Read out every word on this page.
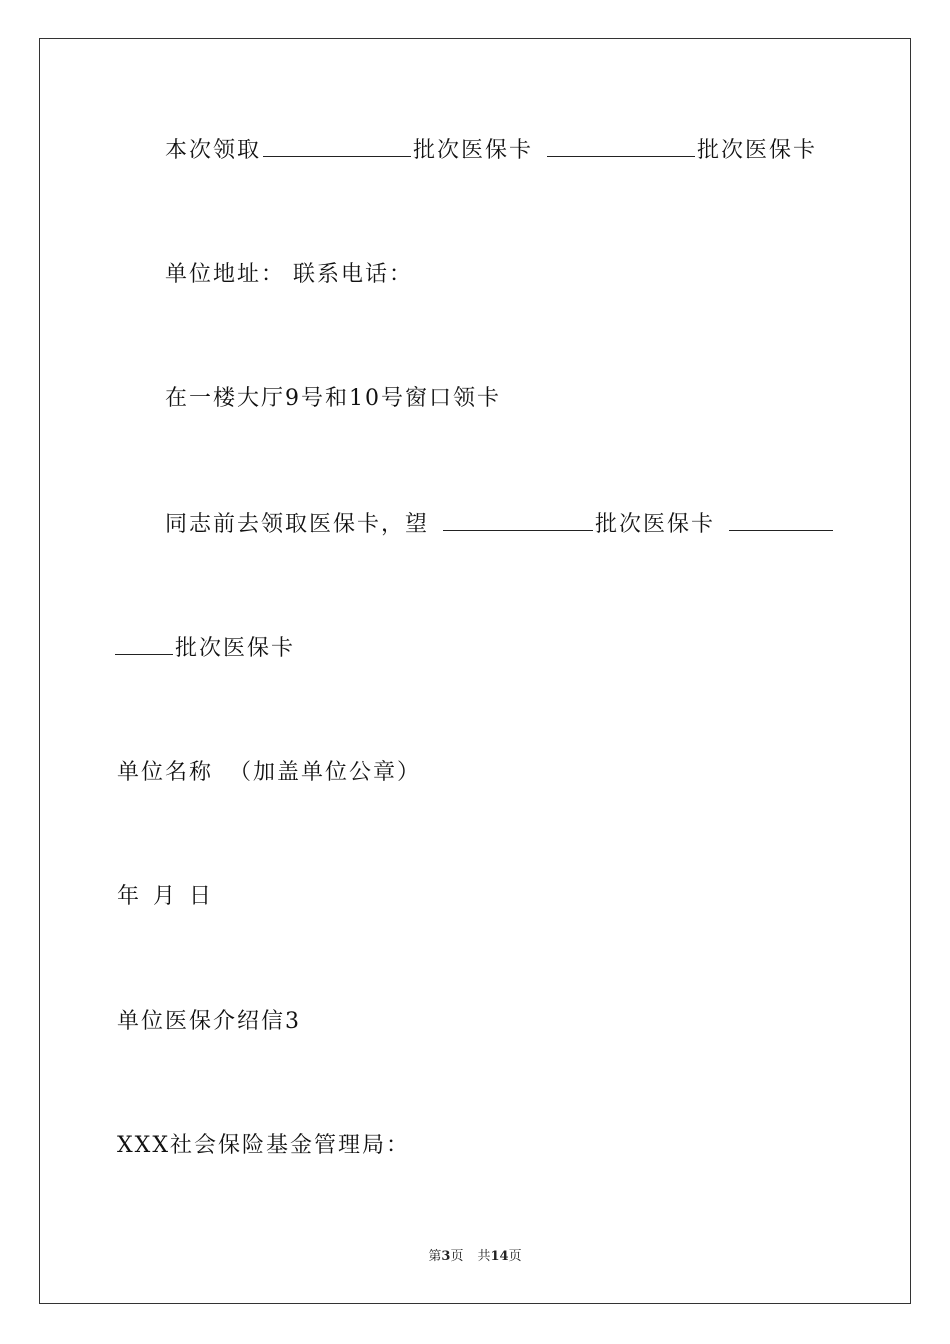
本次领取	批次医保卡	批次医保卡
单位地址： 联系电话：
在一楼大厅9号和10号窗口领卡
同志前去领取医保卡，望	批次医保卡
批次医保卡
单位名称 （加盖单位公章）
年 月 日
单位医保介绍信3
XXX社会保险基金管理局：
第3页 共14页
